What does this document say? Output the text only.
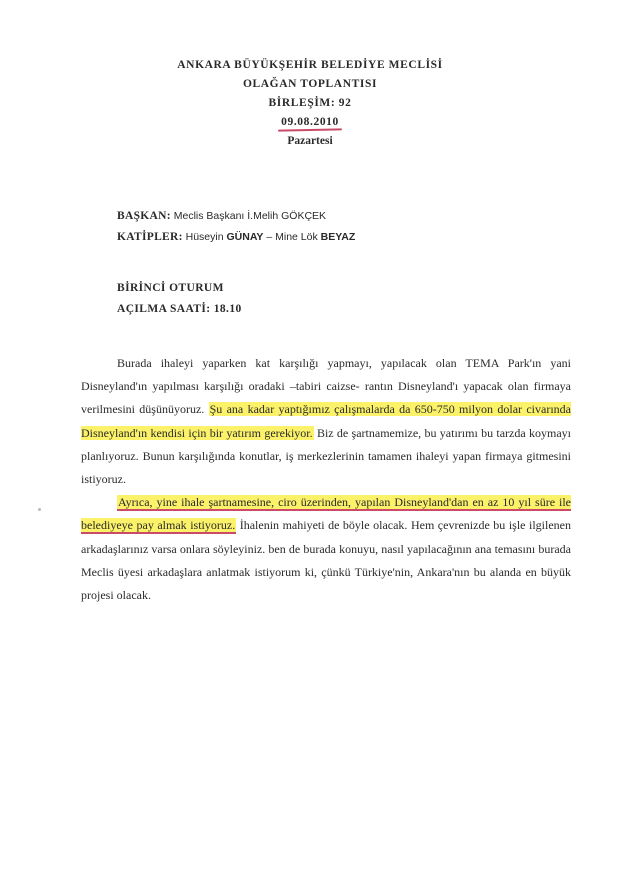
ANKARA BÜYÜKŞEHİR BELEDİYE MECLİSİ
OLAĞAN TOPLANTISI
BİRLEŞİM: 92
09.08.2010
Pazartesi
BAŞKAN: Meclis Başkanı İ.Melih GÖKÇEK
KATİPLER: Hüseyin GÜNAY – Mine Lök BEYAZ
BİRİNCİ OTURUM
AÇILMA SAATİ: 18.10

Burada ihaleyi yaparken kat karşılığı yapmayı, yapılacak olan TEMA Park'ın yani Disneyland'ın yapılması karşılığı oradaki –tabiri caizse- rantın Disneyland'ı yapacak olan firmaya verilmesini düşünüyoruz. Şu ana kadar yaptığımız çalışmalarda da 650-750 milyon dolar civarında Disneyland'ın kendisi için bir yatırım gerekiyor. Biz de şartnamemize, bu yatırımı bu tarzda koymayı planlıyoruz. Bunun karşılığında konutlar, iş merkezlerinin tamamen ihaleyi yapan firmaya gitmesini istiyoruz.

Ayrıca, yine ihale şartnamesine, ciro üzerinden, yapılan Disneyland'dan en az 10 yıl süre ile belediyeye pay almak istiyoruz. İhalenin mahiyeti de böyle olacak. Hem çevrenizde bu işle ilgilenen arkadaşlarınız varsa onlara söyleyiniz. ben de burada konuyu, nasıl yapılacağının ana temasını burada Meclis üyesi arkadaşlara anlatmak istiyorum ki, çünkü Türkiye'nin, Ankara'nın bu alanda en büyük projesi olacak.
